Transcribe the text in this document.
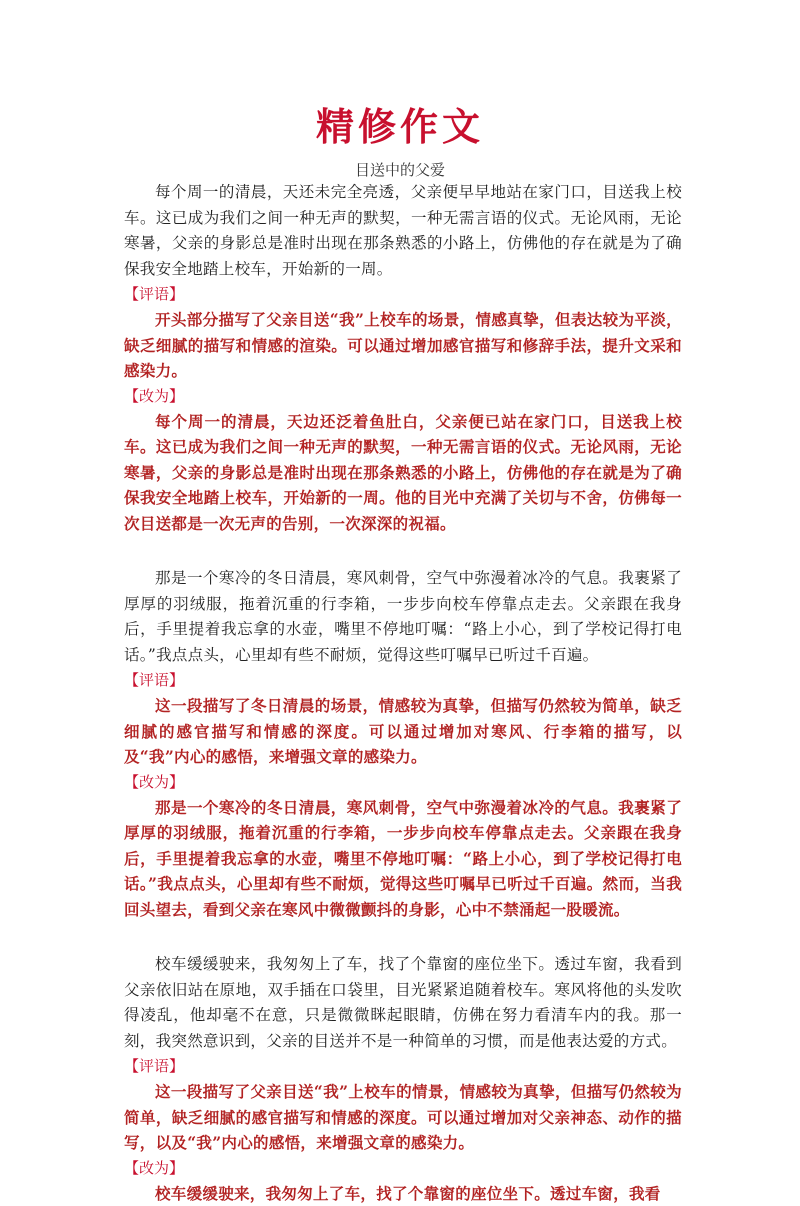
精修作文
目送中的父爱

每个周一的清晨，天还未完全亮透，父亲便早早地站在家门口，目送我上校车。这已成为我们之间一种无声的默契，一种无需言语的仪式。无论风雨，无论寒暑，父亲的身影总是准时出现在那条熟悉的小路上，仿佛他的存在就是为了确保我安全地踏上校车，开始新的一周。

【评语】

开头部分描写了父亲目送“我”上校车的场景，情感真挚，但表达较为平淡，缺乏细腻的描写和情感的渲染。可以通过增加感官描写和修辞手法，提升文采和感染力。

【改为】

每个周一的清晨，天边还泛着鱼肚白，父亲便已站在家门口，目送我上校车。这已成为我们之间一种无声的默契，一种无需言语的仪式。无论风雨，无论寒暑，父亲的身影总是准时出现在那条熟悉的小路上，仿佛他的存在就是为了确保我安全地踏上校车，开始新的一周。他的目光中充满了关切与不舍，仿佛每一次目送都是一次无声的告别，一次深深的祝福。

那是一个寒冷的冬日清晨，寒风刺骨，空气中弥漫着冰冷的气息。我裹紧了厚厚的羽绒服，拖着沉重的行李箱，一步步向校车停靠点走去。父亲跟在我身后，手里提着我忘拿的水壶，嘴里不停地叮嘱：“路上小心，到了学校记得打电话。”我点点头，心里却有些不耐烦，觉得这些叮嘱早已听过千百遍。

【评语】

这一段描写了冬日清晨的场景，情感较为真挚，但描写仍然较为简单，缺乏细腻的感官描写和情感的深度。可以通过增加对寒风、行李箱的描写，以及“我”内心的感悟，来增强文章的感染力。

【改为】

那是一个寒冷的冬日清晨，寒风刺骨，空气中弥漫着冰冷的气息。我裹紧了厚厚的羽绒服，拖着沉重的行李箱，一步步向校车停靠点走去。父亲跟在我身后，手里提着我忘拿的水壶，嘴里不停地叮嘱：“路上小心，到了学校记得打电话。”我点点头，心里却有些不耐烦，觉得这些叮嘱早已听过千百遍。然而，当我回头望去，看到父亲在寒风中微微颤抖的身影，心中不禁涌起一股暖流。

校车缓缓驶来，我匆匆上了车，找了个靠窗的座位坐下。透过车窗，我看到父亲依旧站在原地，双手插在口袋里，目光紧紧追随着校车。寒风将他的头发吹得凌乱，他却毫不在意，只是微微眯起眼睛，仿佛在努力看清车内的我。那一刻，我突然意识到，父亲的目送并不是一种简单的习惯，而是他表达爱的方式。

【评语】

这一段描写了父亲目送“我”上校车的情景，情感较为真挚，但描写仍然较为简单，缺乏细腻的感官描写和情感的深度。可以通过增加对父亲神态、动作的描写，以及“我”内心的感悟，来增强文章的感染力。

【改为】

校车缓缓驶来，我匆匆上了车，找了个靠窗的座位坐下。透过车窗，我看
